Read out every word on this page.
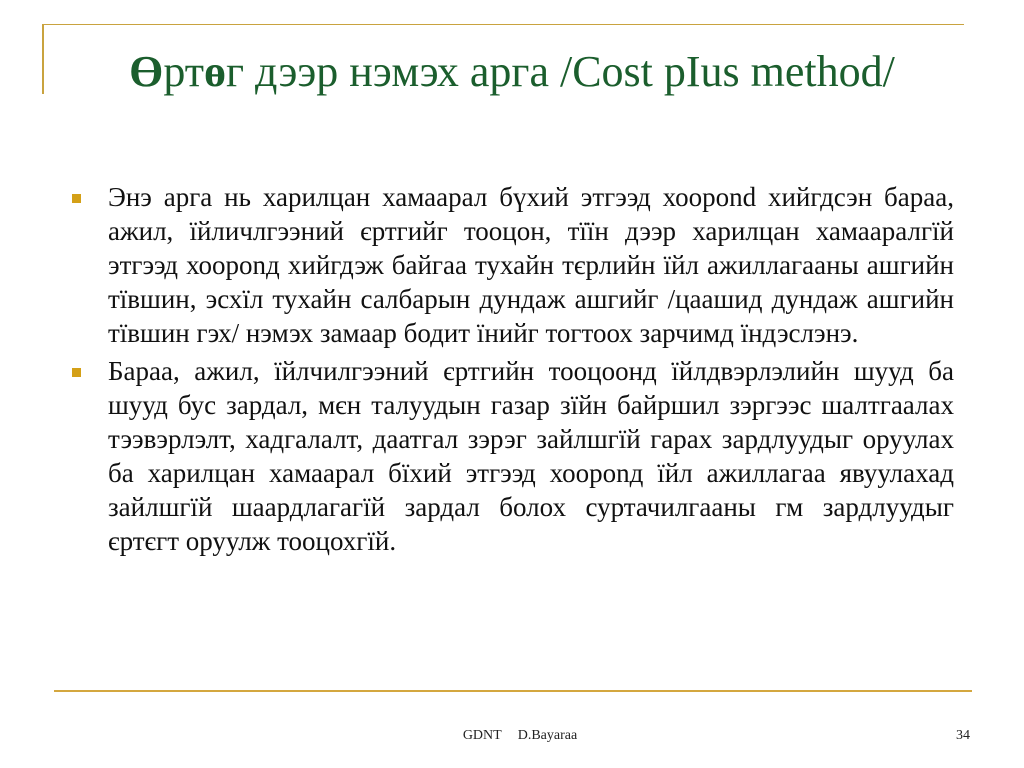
Өртөг дээр нэмэх арга /Cost pIus method/
Энэ арга нь харилцан хамаарал бүхий этгээд хоорond хийгдсэн бараа, ажил, їйличлгээний єртгийг тооцон, тїїн дээр харилцан хамааралгїй этгээд хоорonд хийгдэж байгаа тухайн тєрлийн їйл ажиллагааны ашгийн тївшин, эсхїл тухайн салбарын дундаж ашгийг /цаашид дундаж ашгийн тївшин гэх/ нэмэх замаар бодит їнийг тогтоох зарчимд їндэслэнэ.
Бараа, ажил, їйлчилгээний єртгийн тооцоонд їйлдвэрлэлийн шууд ба шууд бус зардал, мєн талуудын газар зїйн байршил зэргээс шалтгаалах тээвэрлэлт, хадгалалт, даатгал зэрэг зайлшгїй гарах зардлуудыг оруулах ба харилцан хамаарал бїхий этгээд хоорonд їйл ажиллагаа явуулахад зайлшгїй шаардлагагїй зардал болох суртачилгааны гм зардлуудыг єртєгт оруулж тооцохгїй.
GDNT D.Bayaraa	34
